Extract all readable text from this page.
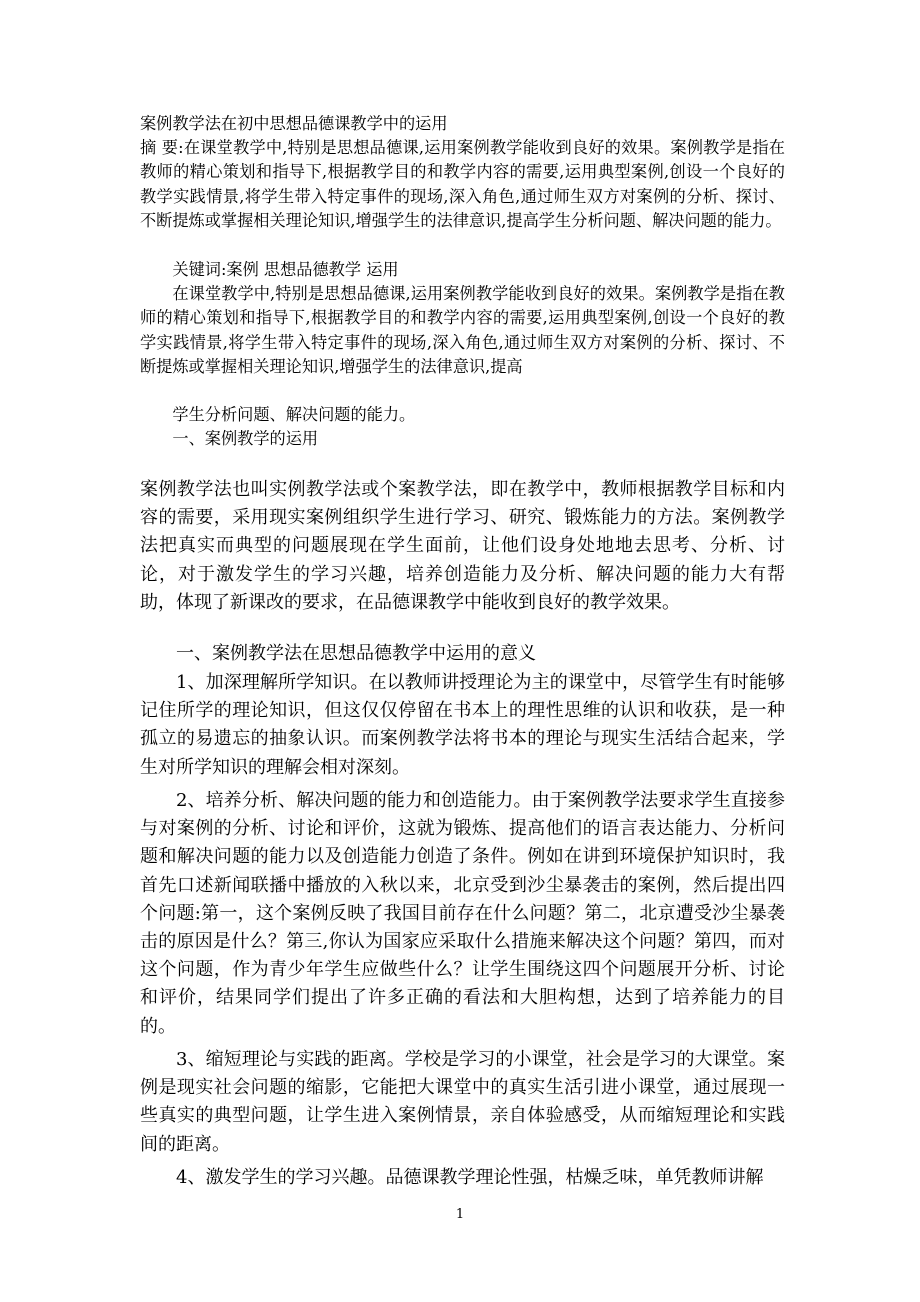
案例教学法在初中思想品德课教学中的运用

摘 要:在课堂教学中,特别是思想品德课,运用案例教学能收到良好的效果。案例教学是指在教师的精心策划和指导下,根据教学目的和教学内容的需要,运用典型案例,创设一个良好的教学实践情景,将学生带入特定事件的现场,深入角色,通过师生双方对案例的分析、探讨、不断提炼或掌握相关理论知识,增强学生的法律意识,提高学生分析问题、解决问题的能力。

关键词:案例 思想品德教学 运用

在课堂教学中,特别是思想品德课,运用案例教学能收到良好的效果。案例教学是指在教师的精心策划和指导下,根据教学目的和教学内容的需要,运用典型案例,创设一个良好的教学实践情景,将学生带入特定事件的现场,深入角色,通过师生双方对案例的分析、探讨、不断提炼或掌握相关理论知识,增强学生的法律意识,提高

学生分析问题、解决问题的能力。

一、案例教学的运用

案例教学法也叫实例教学法或个案教学法，即在教学中，教师根据教学目标和内容的需要，采用现实案例组织学生进行学习、研究、锻炼能力的方法。案例教学法把真实而典型的问题展现在学生面前，让他们设身处地地去思考、分析、讨论，对于激发学生的学习兴趣，培养创造能力及分析、解决问题的能力大有帮助，体现了新课改的要求，在品德课教学中能收到良好的教学效果。

一、案例教学法在思想品德教学中运用的意义

1、加深理解所学知识。在以教师讲授理论为主的课堂中，尽管学生有时能够记住所学的理论知识，但这仅仅停留在书本上的理性思维的认识和收获，是一种孤立的易遗忘的抽象认识。而案例教学法将书本的理论与现实生活结合起来，学生对所学知识的理解会相对深刻。

2、培养分析、解决问题的能力和创造能力。由于案例教学法要求学生直接参与对案例的分析、讨论和评价，这就为锻炼、提高他们的语言表达能力、分析问题和解决问题的能力以及创造能力创造了条件。例如在讲到环境保护知识时，我首先口述新闻联播中播放的入秋以来，北京受到沙尘暴袭击的案例，然后提出四个问题:第一，这个案例反映了我国目前存在什么问题？第二，北京遭受沙尘暴袭击的原因是什么？第三,你认为国家应采取什么措施来解决这个问题？第四，而对这个问题，作为青少年学生应做些什么？让学生围绕这四个问题展开分析、讨论和评价，结果同学们提出了许多正确的看法和大胆构想，达到了培养能力的目的。

3、缩短理论与实践的距离。学校是学习的小课堂，社会是学习的大课堂。案例是现实社会问题的缩影，它能把大课堂中的真实生活引进小课堂，通过展现一些真实的典型问题，让学生进入案例情景，亲自体验感受，从而缩短理论和实践间的距离。

4、激发学生的学习兴趣。品德课教学理论性强，枯燥乏味，单凭教师讲解

1
